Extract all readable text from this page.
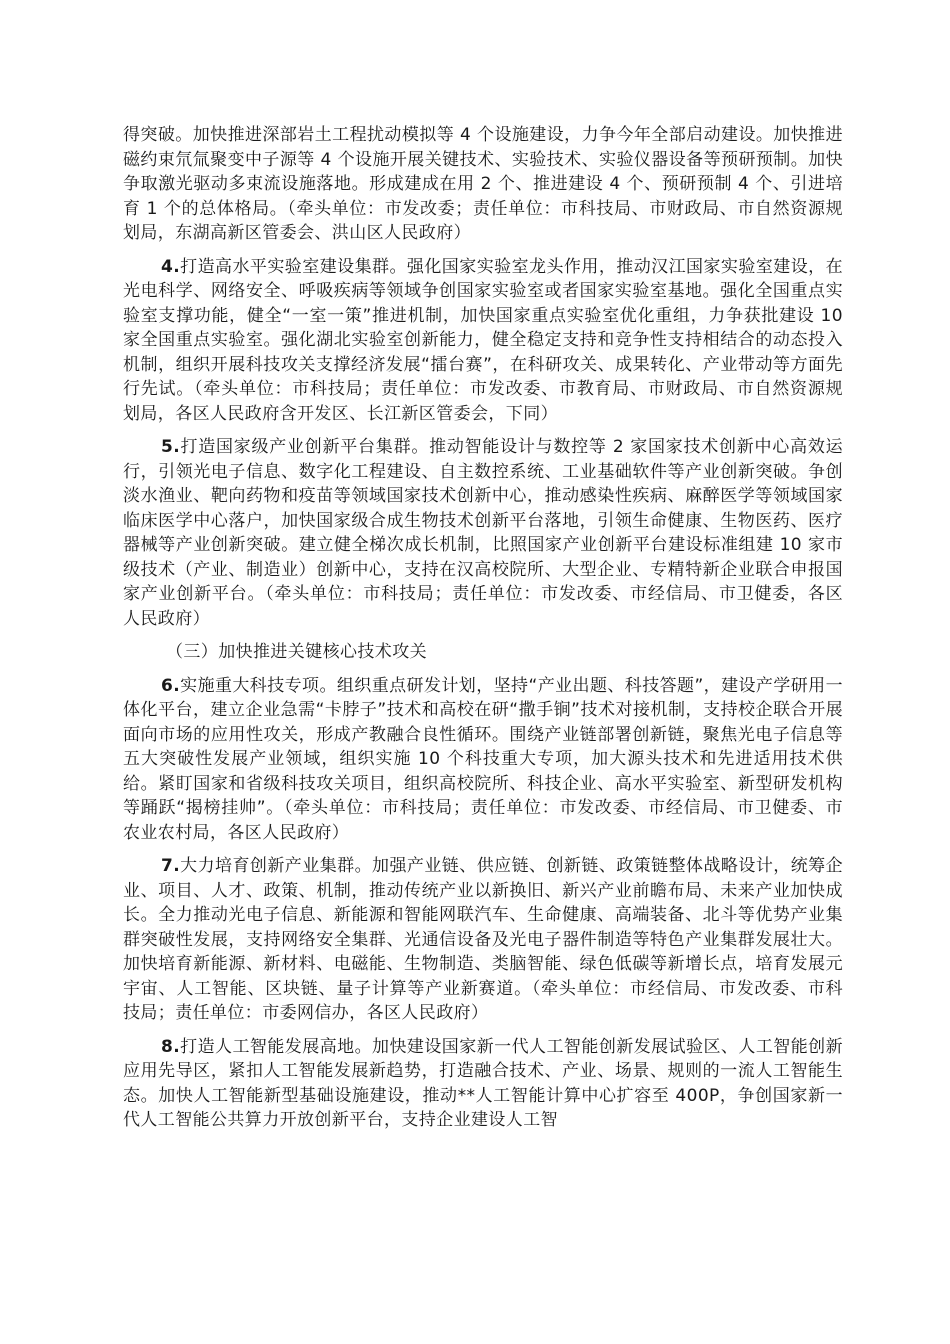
得突破。加快推进深部岩土工程扰动模拟等 4 个设施建设，力争今年全部启动建设。加快推进磁约束氘氚聚变中子源等 4 个设施开展关键技术、实验技术、实验仪器设备等预研预制。加快争取激光驱动多束流设施落地。形成建成在用 2 个、推进建设 4 个、预研预制 4 个、引进培育 1 个的总体格局。（牵头单位：市发改委；责任单位：市科技局、市财政局、市自然资源规划局，东湖高新区管委会、洪山区人民政府）

4.打造高水平实验室建设集群。强化国家实验室龙头作用，推动汉江国家实验室建设，在光电科学、网络安全、呼吸疾病等领域争创国家实验室或者国家实验室基地。强化全国重点实验室支撑功能，健全“一室一策”推进机制，加快国家重点实验室优化重组，力争获批建设 10 家全国重点实验室。强化湖北实验室创新能力，健全稳定支持和竞争性支持相结合的动态投入机制，组织开展科技攻关支撑经济发展“擂台赛”，在科研攻关、成果转化、产业带动等方面先行先试。（牵头单位：市科技局；责任单位：市发改委、市教育局、市财政局、市自然资源规划局，各区人民政府含开发区、长江新区管委会，下同）

5.打造国家级产业创新平台集群。推动智能设计与数控等 2 家国家技术创新中心高效运行，引领光电子信息、数字化工程建设、自主数控系统、工业基础软件等产业创新突破。争创淡水渔业、靶向药物和疫苗等领域国家技术创新中心，推动感染性疾病、麻醉医学等领域国家临床医学中心落户，加快国家级合成生物技术创新平台落地，引领生命健康、生物医药、医疗器械等产业创新突破。建立健全梯次成长机制，比照国家产业创新平台建设标准组建 10 家市级技术（产业、制造业）创新中心，支持在汉高校院所、大型企业、专精特新企业联合申报国家产业创新平台。（牵头单位：市科技局；责任单位：市发改委、市经信局、市卫健委，各区人民政府）

（三）加快推进关键核心技术攻关

6.实施重大科技专项。组织重点研发计划，坚持“产业出题、科技答题”，建设产学研用一体化平台，建立企业急需“卡脖子”技术和高校在研“撒手锏”技术对接机制，支持校企联合开展面向市场的应用性攻关，形成产教融合良性循环。围绕产业链部署创新链，聚焦光电子信息等五大突破性发展产业领域，组织实施 10 个科技重大专项，加大源头技术和先进适用技术供给。紧盯国家和省级科技攻关项目，组织高校院所、科技企业、高水平实验室、新型研发机构等踊跃“揭榜挂帅”。（牵头单位：市科技局；责任单位：市发改委、市经信局、市卫健委、市农业农村局，各区人民政府）

7.大力培育创新产业集群。加强产业链、供应链、创新链、政策链整体战略设计，统筹企业、项目、人才、政策、机制，推动传统产业以新换旧、新兴产业前瞻布局、未来产业加快成长。全力推动光电子信息、新能源和智能网联汽车、生命健康、高端装备、北斗等优势产业集群突破性发展，支持网络安全集群、光通信设备及光电子器件制造等特色产业集群发展壮大。加快培育新能源、新材料、电磁能、生物制造、类脑智能、绿色低碳等新增长点，培育发展元宇宙、人工智能、区块链、量子计算等产业新赛道。（牵头单位：市经信局、市发改委、市科技局；责任单位：市委网信办，各区人民政府）

8.打造人工智能发展高地。加快建设国家新一代人工智能创新发展试验区、人工智能创新应用先导区，紧扣人工智能发展新趋势，打造融合技术、产业、场景、规则的一流人工智能生态。加快人工智能新型基础设施建设，推动**人工智能计算中心扩容至 400P，争创国家新一代人工智能公共算力开放创新平台，支持企业建设人工智
